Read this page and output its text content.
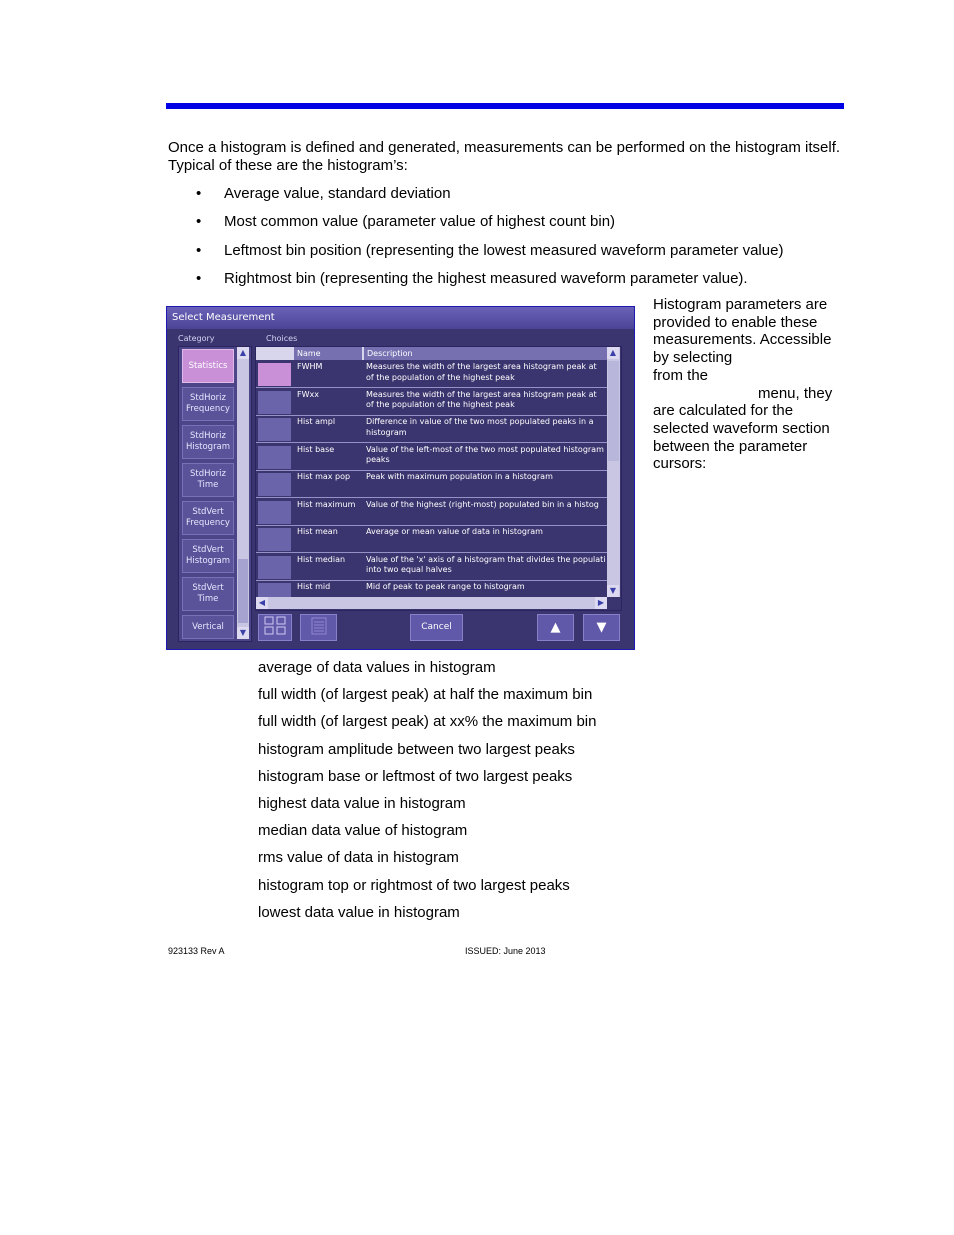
Once a histogram is defined and generated, measurements can be performed on the histogram itself. Typical of these are the histogram’s:

• Average value, standard deviation
• Most common value (parameter value of highest count bin)
• Leftmost bin position (representing the lowest measured waveform parameter value)
• Rightmost bin (representing the highest measured waveform parameter value).
Histogram parameters are
provided to enable these
measurements. Accessible
by selecting
from the
menu, they
are calculated for the
selected waveform section
between the parameter
cursors:
Select Measurement
Category	Choices
Statistics

StdHoriz
Frequency
StdHoriz
Histogram
StdHoriz
Time
StdVert
Frequency
StdVert
Histogram
StdVert
Time
Vertical
▲
▼
Name	Description
FWHM	Measures the width of the largest area histogram peak at
of the population of the highest peak
FWxx	Measures the width of the largest area histogram peak at
of the population of the highest peak
Hist ampl	Difference in value of the two most populated peaks in a
histogram
Hist base	Value of the left-most of the two most populated histogram
peaks
Hist max pop	Peak with maximum population in a histogram

Hist maximum	Value of the highest (right-most) populated bin in a histog

Hist mean	Average or mean value of data in histogram

Hist median	Value of the 'x' axis of a histogram that divides the populati
into two equal halves
Hist mid	Mid of peak to peak range to histogram
▲
▼
◀	▶
Cancel	▲	▼
average of data values in histogram
full width (of largest peak) at half the maximum bin
full width (of largest peak) at xx% the maximum bin
histogram amplitude between two largest peaks
histogram base or leftmost of two largest peaks
highest data value in histogram
median data value of histogram
rms value of data in histogram
histogram top or rightmost of two largest peaks
lowest data value in histogram
923133 Rev A	ISSUED: June 2013
